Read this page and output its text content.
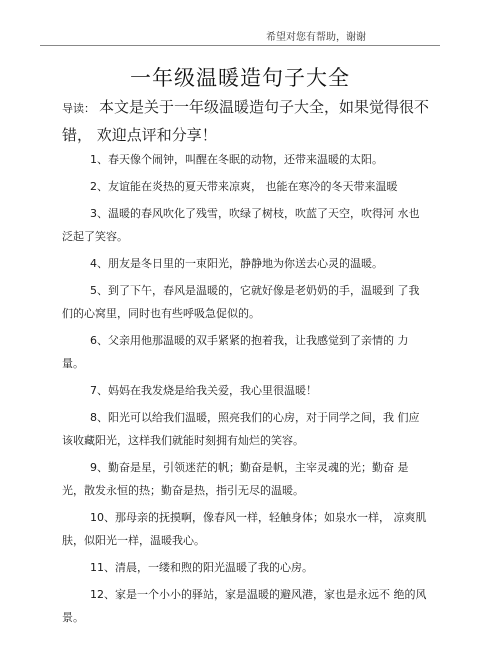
希望对您有帮助，谢谢
一年级温暖造句子大全
导读： 本文是关于一年级温暖造句子大全，如果觉得很不错， 欢迎点评和分享！

1、春天像个闹钟，叫醒在冬眠的动物，还带来温暖的太阳。

2、友谊能在炎热的夏天带来凉爽， 也能在寒冷的冬天带来温暖

3、温暖的春风吹化了残雪，吹绿了树枝，吹蓝了天空，吹得河 水也泛起了笑容。

4、朋友是冬日里的一束阳光，静静地为你送去心灵的温暖。

5、到了下午，春风是温暖的，它就好像是老奶奶的手，温暖到 了我们的心窝里，同时也有些呼吸急促似的。

6、父亲用他那温暖的双手紧紧的抱着我，让我感觉到了亲情的 力量。

7、妈妈在我发烧是给我关爱，我心里很温暖！

8、阳光可以给我们温暖，照亮我们的心房，对于同学之间，我 们应该收藏阳光，这样我们就能时刻拥有灿烂的笑容。

9、勤奋是星，引领迷茫的帆；勤奋是帆，主宰灵魂的光；勤奋 是光，散发永恒的热；勤奋是热，指引无尽的温暖。

10、那母亲的抚摸啊，像春风一样，轻触身体；如泉水一样， 凉爽肌肤，似阳光一样，温暖我心。

11、清晨，一缕和煦的阳光温暖了我的心房。

12、家是一个小小的驿站，家是温暖的避风港，家也是永远不 绝的风景。
